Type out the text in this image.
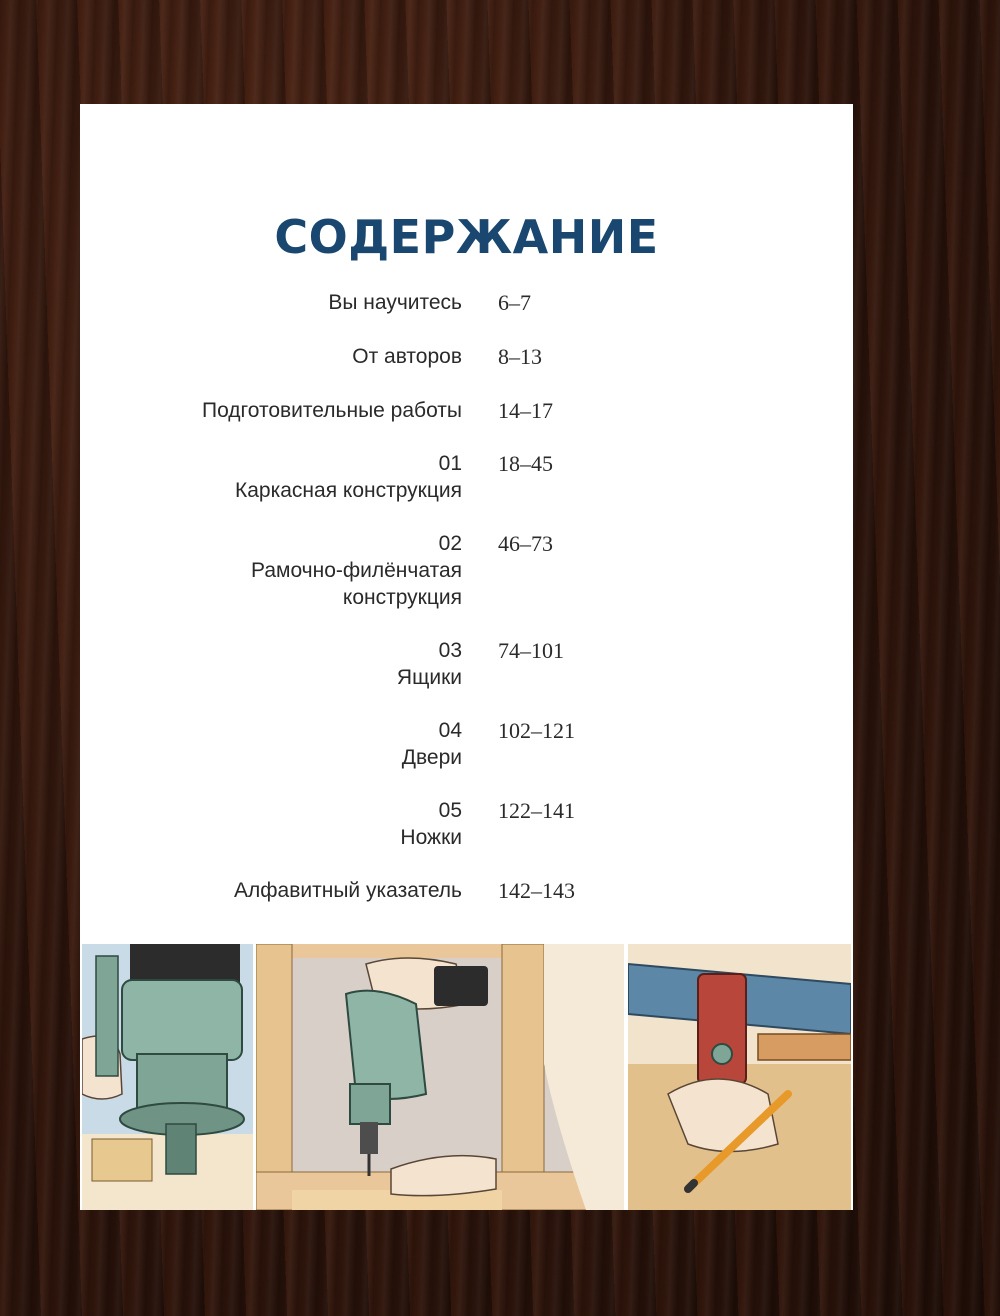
СОДЕРЖАНИЕ
Вы научитесь 6–7
От авторов 8–13
Подготовительные работы 14–17
01
Каркасная конструкция
18–45
02
Рамочно-филёнчатая
конструкция
46–73
03
Ящики
74–101
04
Двери
102–121
05
Ножки
122–141
Алфавитный указатель 142–143
